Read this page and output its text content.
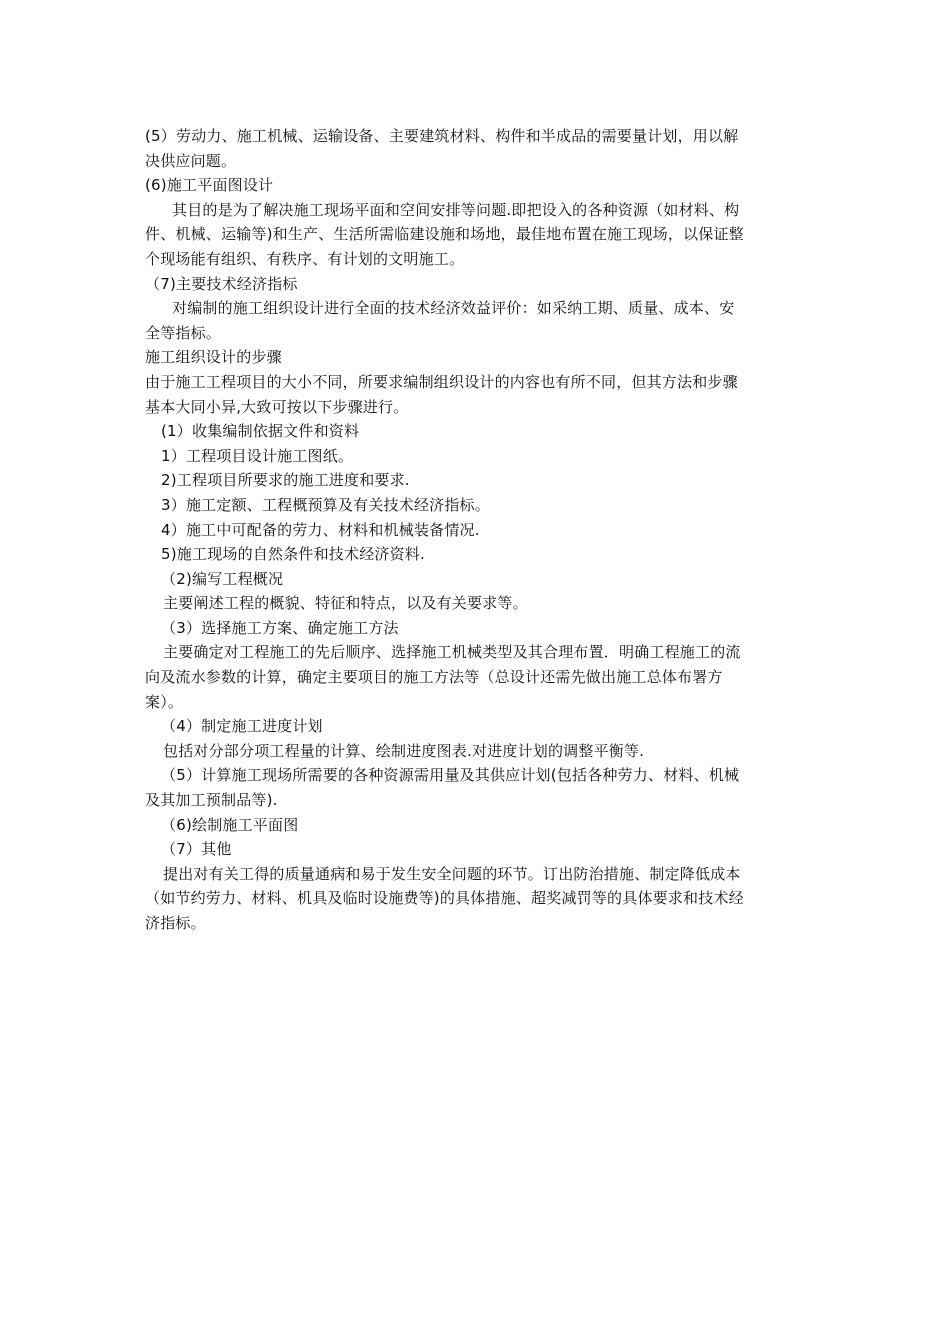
(5）劳动力、施工机械、运输设备、主要建筑材料、构件和半成品的需要量计划，用以解
决供应问题。
(6)施工平面图设计
其目的是为了解决施工现场平面和空间安排等问题.即把设入的各种资源（如材料、构
件、机械、运输等)和生产、生活所需临建设施和场地，最佳地布置在施工现场，以保证整
个现场能有组织、有秩序、有计划的文明施工。
（7)主要技术经济指标
对编制的施工组织设计进行全面的技术经济效益评价：如采纳工期、质量、成本、安
全等指标。
施工组织设计的步骤
由于施工工程项目的大小不同，所要求编制组织设计的内容也有所不同，但其方法和步骤
基本大同小异,大致可按以下步骤进行。
(1）收集编制依据文件和资料
1）工程项目设计施工图纸。
2)工程项目所要求的施工进度和要求.
3）施工定额、工程概预算及有关技术经济指标。
4）施工中可配备的劳力、材料和机械装备情况.
5)施工现场的自然条件和技术经济资料.
（2)编写工程概况
主要阐述工程的概貌、特征和特点，以及有关要求等。
（3）选择施工方案、确定施工方法
主要确定对工程施工的先后顺序、选择施工机械类型及其合理布置．明确工程施工的流
向及流水参数的计算，确定主要项目的施工方法等（总设计还需先做出施工总体布署方
案）。
（4）制定施工进度计划
包括对分部分项工程量的计算、绘制进度图表.对进度计划的调整平衡等.
（5）计算施工现场所需要的各种资源需用量及其供应计划(包括各种劳力、材料、机械
及其加工预制品等).
（6)绘制施工平面图
（7）其他
提出对有关工得的质量通病和易于发生安全问题的环节。订出防治措施、制定降低成本
（如节约劳力、材料、机具及临时设施费等)的具体措施、超奖减罚等的具体要求和技术经
济指标。
